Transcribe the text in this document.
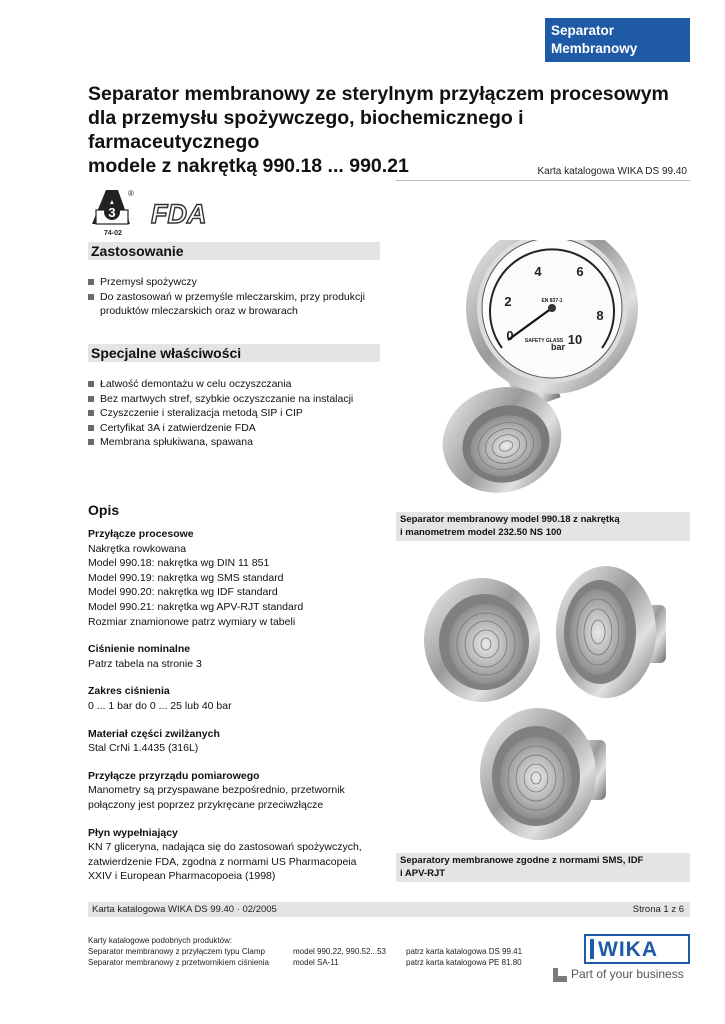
Separator
Membranowy
Separator membranowy ze sterylnym przyłączem procesowym
dla przemysłu spożywczego, biochemicznego i farmaceutycznego
modele z nakrętką 990.18 ... 990.21	Karta katalogowa WIKA DS 99.40
3
®
74-02
FDA
Zastosowanie
Przemysł spożywczy
Do zastosowań w przemyśle mleczarskim, przy produkcji produktów mleczarskich oraz w browarach
Specjalne właściwości
Łatwość demontażu w celu oczyszczania
Bez martwych stref, szybkie oczyszczanie na instalacji
Czyszczenie i steralizacja metodą SIP i CIP
Certyfikat 3A i zatwierdzenie FDA
Membrana spłukiwana, spawana
0
2
4	6
8
10
bar
EN 837-1
SAFETY GLASS
Separator membranowy model 990.18 z nakrętką
i manometrem model 232.50 NS 100
Separatory membranowe zgodne z normami SMS, IDF
i APV-RJT
Opis
Przyłącze procesowe
Nakrętka rowkowana
Model 990.18: nakrętka wg DIN 11 851
Model 990.19: nakrętka wg SMS standard
Model 990.20: nakrętka wg IDF standard
Model 990.21: nakrętka wg APV-RJT standard
Rozmiar znamionowe patrz wymiary w tabeli
Ciśnienie nominalne
Patrz tabela na stronie 3
Zakres ciśnienia
0 ... 1 bar do 0 ... 25 lub 40 bar
Materiał części zwilżanych
Stal CrNi 1.4435 (316L)
Przyłącze przyrządu pomiarowego
Manometry są przyspawane bezpośrednio, przetwornik
połączony jest poprzez przykręcane przeciwzłącze
Płyn wypełniający
KN 7 gliceryna, nadająca się do zastosowań spożywczych,
zatwierdzenie FDA, zgodna z normami US Pharmacopeia
XXIV i European Pharmacopoeia (1998)
Karta katalogowa WIKA DS 99.40 · 02/2005	Strona 1 z 6
Karty katalogowe podobnych produktów:
Separator membranowy z przyłączem typu Clamp	model 990.22, 990.52...53	patrz karta katalogowa DS 99.41
Separator membranowy z przetwornikiem ciśnienia	model SA-11	patrz karta katalogowa PE 81.80
WIKA
Part of your business
